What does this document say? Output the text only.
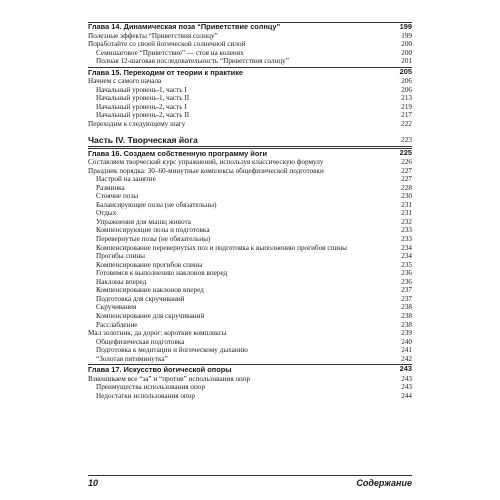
Глава 14. Динамическая поза “Приветствие солнцу”	199
Полезные эффекты “Приветствия солнцу”	199
Поработайте со своей йогической солнечной силой	200
Семишаговое “Приветствие” — стоя на коленях	200
Полная 12-шаговая последовательность “Приветствия солнцу”	201
Глава 15. Переходим от теории к практике	205
Начнем с самого начала	206
Начальный уровень-1, часть I	206
Начальный уровень-1, часть II	213
Начальный уровень-2, часть I	219
Начальный уровень-2, часть II	217
Переходим к следующему шагу	222
Часть IV. Творческая йога	223
Глава 16. Создаем собственную программу йоги	225
Составляем творческий курс упражнений, используя классическую формулу	226
Праздник порядка: 30–60-минутные комплексы общефизической подготовки	227
Настрой на занятие	227
Разминка	228
Стоячие позы	230
Балансирующие позы (не обязательны)	231
Отдых	231
Упражнения для мышц живота	232
Компенсирующие позы и подготовка	233
Перевернутые позы (не обязательны)	233
Компенсирование перевернутых поз и подготовка к выполнению прогибов спины	234
Прогибы спины	234
Компенсирование прогибов спины	235
Готовимся к выполнению наклонов вперед	236
Наклоны вперед	236
Компенсирование наклонов вперед	237
Подготовка для скручиваний	237
Скручивания	238
Компенсирование для скручиваний	238
Расслабление	238
Мал золотник, да дорог: короткие комплексы	239
Общефизическая подготовка	240
Подготовка к медитации и йогическому дыханию	241
“Золотая пятиминутка”	242
Глава 17. Искусство йогической опоры	243
Взвешиваем все “за” и “против” использования опор	243
Преимущества использования опор	243
Недостатки использования опор	244
10	Содержание
